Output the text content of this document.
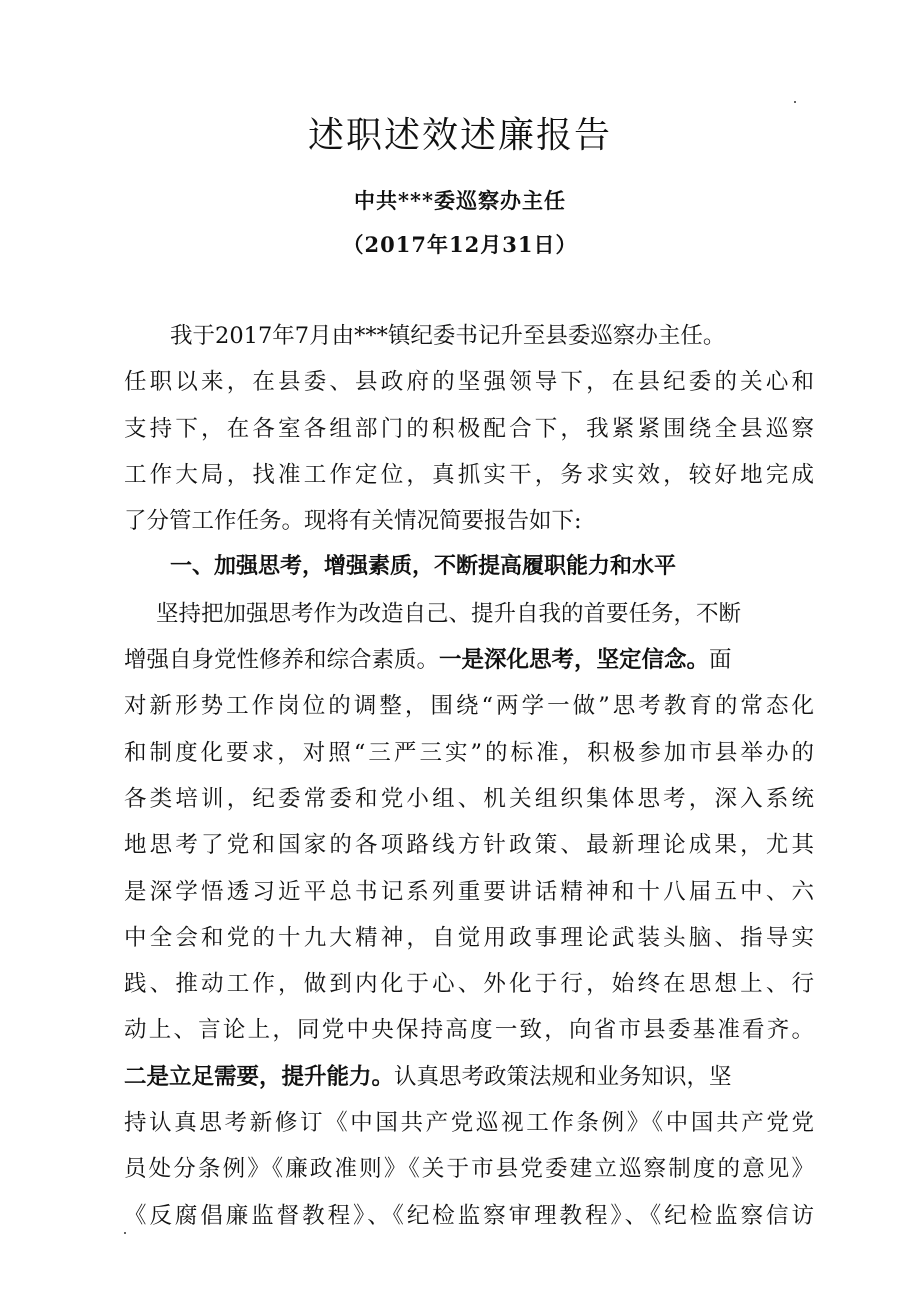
述职述效述廉报告
中共***委巡察办主任
（2017年12月31日）
我于2017年7月由***镇纪委书记升至县委巡察办主任。
任职以来，在县委、县政府的坚强领导下，在县纪委的关心和
支持下，在各室各组部门的积极配合下，我紧紧围绕全县巡察
工作大局，找准工作定位，真抓实干，务求实效，较好地完成
了分管工作任务。现将有关情况简要报告如下:
一、加强思考，增强素质，不断提高履职能力和水平
坚持把加强思考作为改造自己、提升自我的首要任务，不断
增强自身党性修养和综合素质。一是深化思考，坚定信念。面
对新形势工作岗位的调整，围绕“两学一做”思考教育的常态化
和制度化要求，对照“三严三实”的标准，积极参加市县举办的
各类培训，纪委常委和党小组、机关组织集体思考，深入系统
地思考了党和国家的各项路线方针政策、最新理论成果，尤其
是深学悟透习近平总书记系列重要讲话精神和十八届五中、六
中全会和党的十九大精神，自觉用政事理论武装头脑、指导实
践、推动工作，做到内化于心、外化于行，始终在思想上、行
动上、言论上，同党中央保持高度一致，向省市县委基准看齐。
二是立足需要，提升能力。认真思考政策法规和业务知识，坚
持认真思考新修订《中国共产党巡视工作条例》《中国共产党党
员处分条例》《廉政准则》《关于市县党委建立巡察制度的意见》
《反腐倡廉监督教程》、《纪检监察审理教程》、《纪检监察信访
